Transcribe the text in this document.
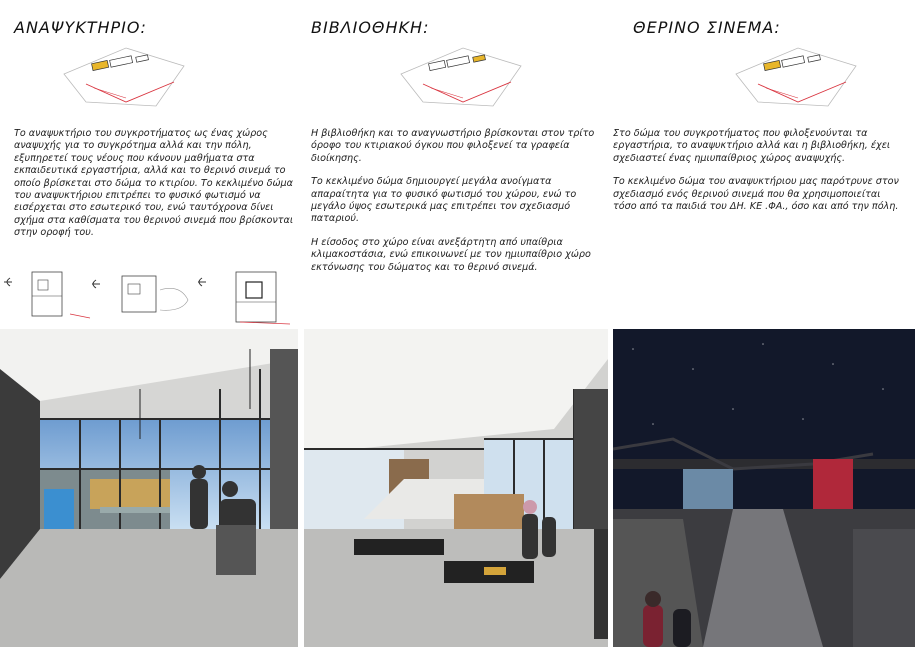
ΑΝΑΨΥΚΤΗΡΙΟ:

Το αναψυκτήριο του συγκροτήματος ως ένας χώρος αναψυχής για το συγκρότημα αλλά και την πόλη, εξυπηρετεί τους νέους που κάνουν μαθήματα στα εκπαιδευτικά εργαστήρια, αλλά και το θερινό σινεμά το οποίο βρίσκεται στο δώμα το κτιρίου. Το κεκλιμένο δώμα του αναψυκτήριου επιτρέπει το φυσικό φωτισμό να εισέρχεται στο εσωτερικό του, ενώ ταυτόχρονα δίνει σχήμα στα καθίσματα του θερινού σινεμά που βρίσκονται στην οροφή του.

ΒΙΒΛΙΟΘΗΚΗ:

Η βιβλιοθήκη και το αναγνωστήριο βρίσκονται στον τρίτο όροφο του κτιριακού όγκου που φιλοξενεί τα γραφεία διοίκησης.

Το κεκλιμένο δώμα δημιουργεί μεγάλα ανοίγματα απαραίτητα για το φυσικό φωτισμό του χώρου, ενώ το μεγάλο ύψος εσωτερικά μας επιτρέπει τον σχεδιασμό παταριού.

Η είσοδος στο χώρο είναι ανεξάρτητη από υπαίθρια κλιμακοστάσια, ενώ επικοινωνεί με τον ημιυπαίθριο χώρο εκτόνωσης του δώματος και το θερινό σινεμά.

ΘΕΡΙΝΟ ΣΙΝΕΜΑ:

Στο δώμα του συγκροτήματος που φιλοξενούνται τα εργαστήρια, το αναψυκτήριο αλλά και η βιβλιοθήκη, έχει σχεδιαστεί ένας ημιυπαίθριος χώρος αναψυχής.

Το κεκλιμένο δώμα του αναψυκτήριου μας παρότρυνε στον σχεδιασμό ενός θερινού σινεμά που θα χρησιμοποιείται τόσο από τα παιδιά του ΔΗ. ΚΕ .ΦΑ., όσο και από την πόλη.
